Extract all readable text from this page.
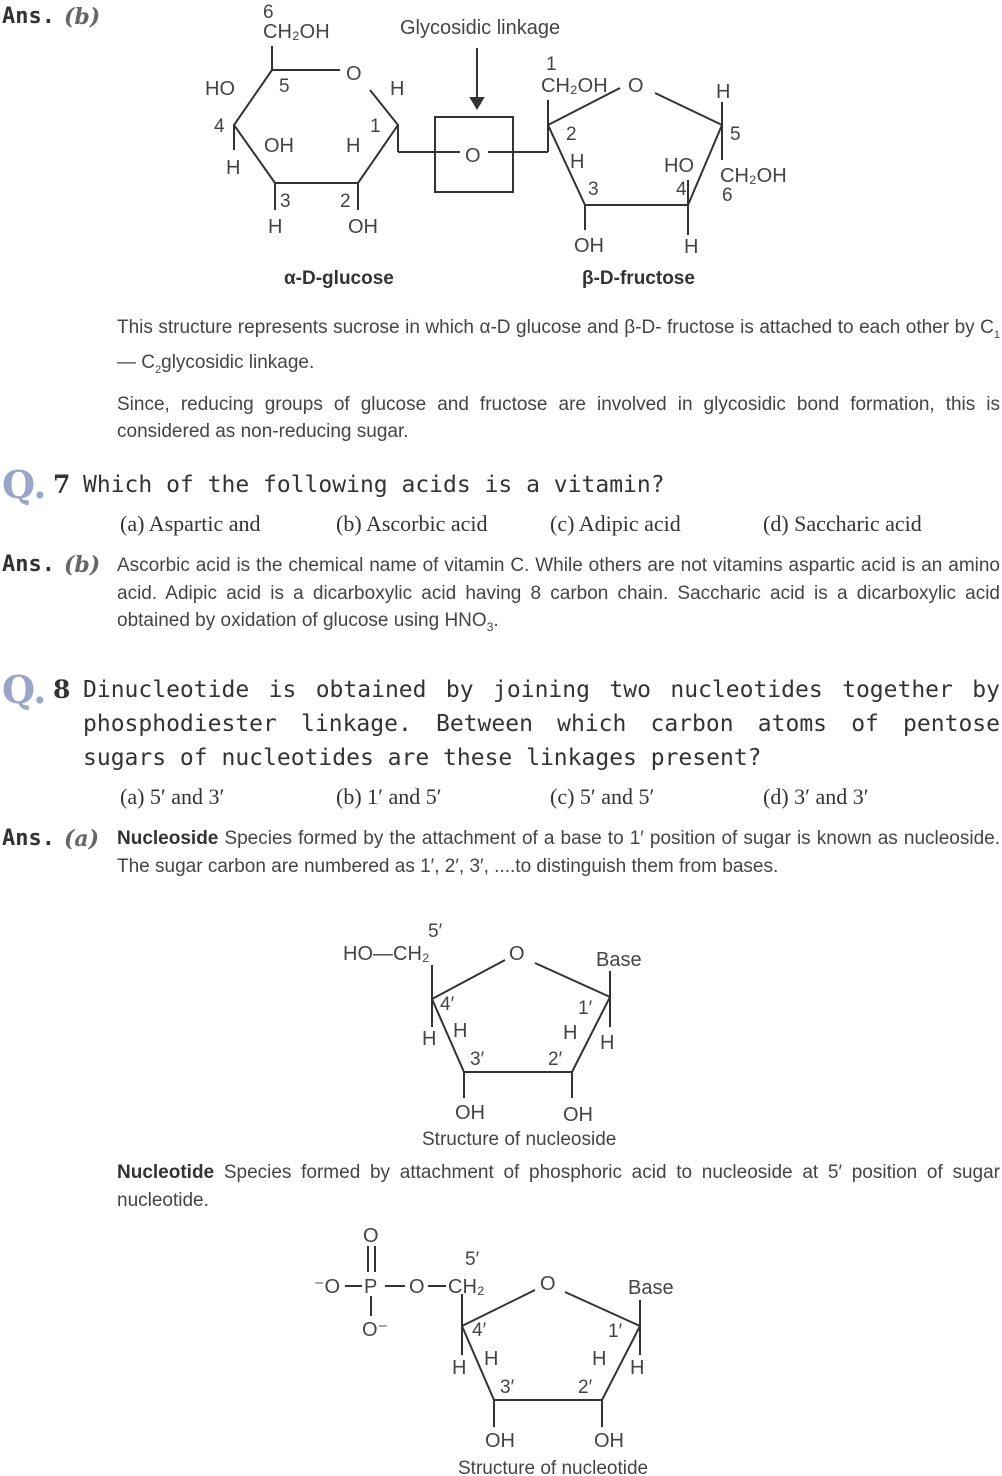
Ans. (b)	6
CH₂OH
O
H
HO 5
4	1
OH	H
H
3	2
H	OH
O
Glycosidic linkage
1
CH₂OH O	H
2	5
H	HO CH₂OH
3	4 6
OH	H
α-D-glucose	β-D-fructose
This structure represents sucrose in which α-D glucose and β-D- fructose is attached to each other by $C_1—$ $C_2glycosidic$ linkage.
Since, reducing groups of glucose and fructose are involved in glycosidic bond formation, this is considered as non-reducing sugar.
Q. 7 Which of the following acids is a vitamin?
(a) Aspartic and	(b) Ascorbic acid	(c) Adipic acid	(d) Saccharic acid
Ans. (b) Ascorbic acid is the chemical name of vitamin C. While others are not vitamins aspartic acid is an amino acid. Adipic acid is a dicarboxylic acid having 8 carbon chain. Saccharic acid is a dicarboxylic acid obtained by oxidation of glucose using $HNO_3$.
Q. 8 Dinucleotide is obtained by joining two nucleotides together by phosphodiester linkage. Between which carbon atoms of pentose sugars of nucleotides are these linkages present?
(a) 5′ and 3′	(b) 1′ and 5′	(c) 5′ and 5′	(d) 3′ and 3′
Ans. (a) Nucleoside Species formed by the attachment of a base to 1′ position of sugar is known as nucleoside. The sugar carbon are numbered as 1′, 2′, 3′, ....to distinguish them from bases.
5′
HO—CH₂	O	Base
4′	1′
H	H
H	H
3′	2′
OH	OH
Structure of nucleoside
Nucleotide Species formed by attachment of phosphoric acid to nucleoside at 5′ position of sugar nucleotide.
O
⁻O P O CH₂
O⁻
5′
O	Base
4′	1′
H	H
H	H
3′	2′
OH	OH
Structure of nucleotide
